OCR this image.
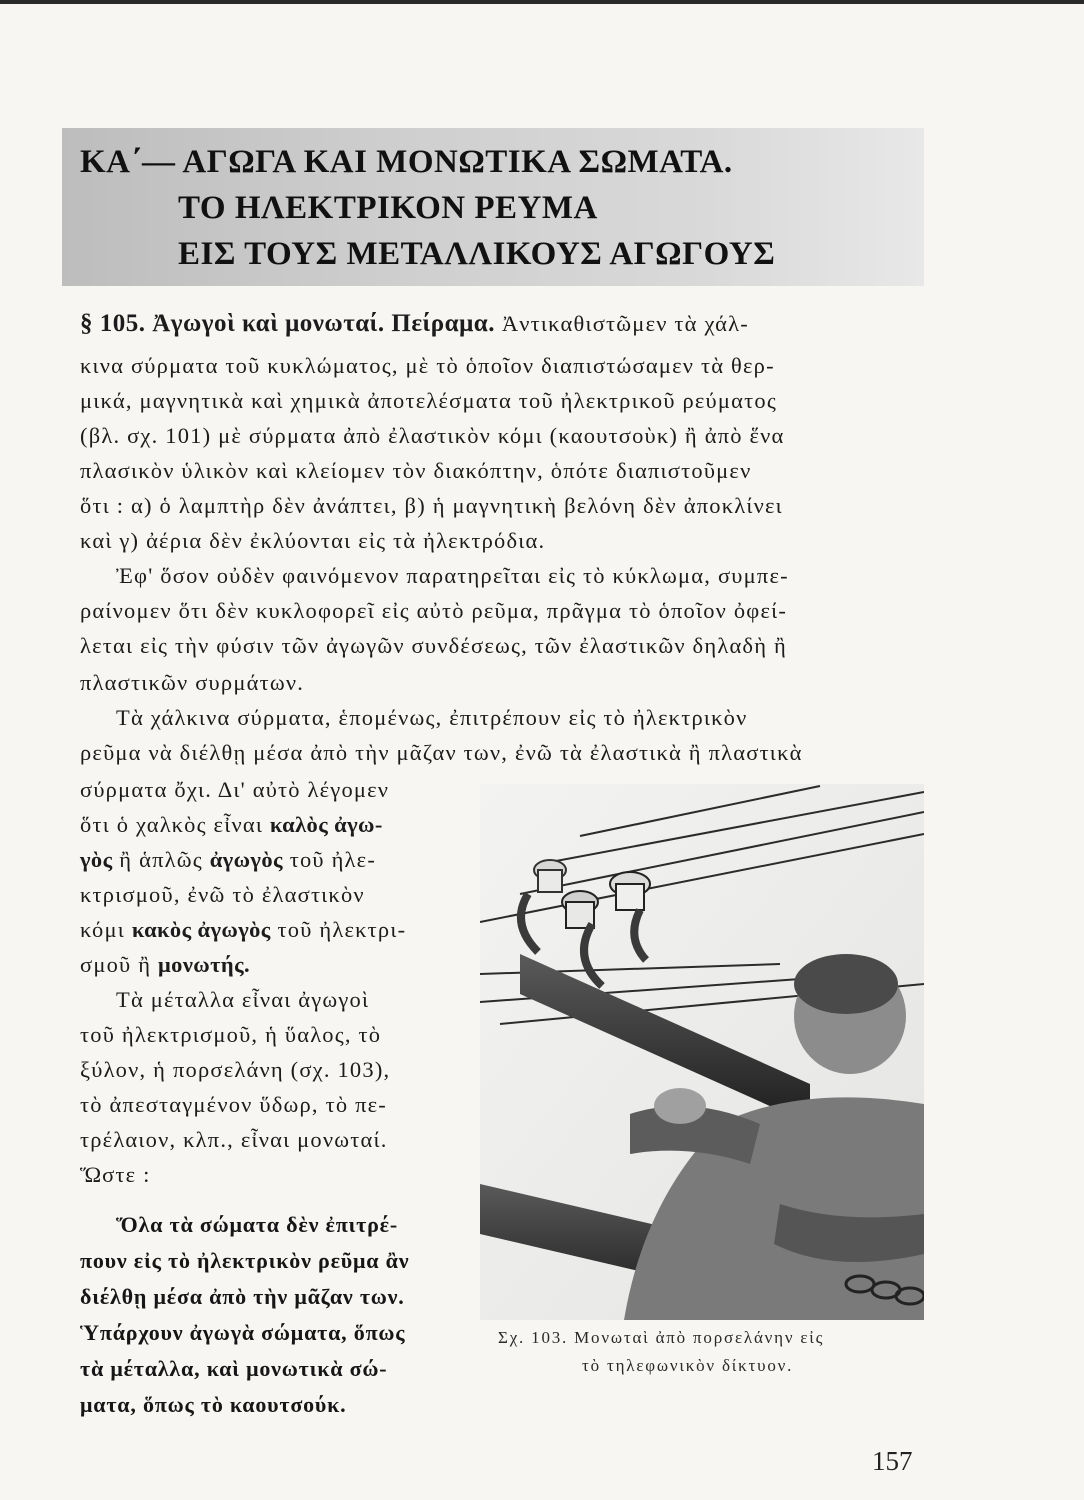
ΚΑ΄— ΑΓΩΓΑ ΚΑΙ ΜΟΝΩΤΙΚΑ ΣΩΜΑΤΑ.
ΤΟ ΗΛΕΚΤΡΙΚΟΝ ΡΕΥΜΑ
ΕΙΣ ΤΟΥΣ ΜΕΤΑΛΛΙΚΟΥΣ ΑΓΩΓΟΥΣ
§ 105. Ἀγωγοὶ καὶ μονωταί. Πείραμα. Ἀντικαθιστῶμεν τὰ χάλ-
κινα σύρματα τοῦ κυκλώματος, μὲ τὸ ὁποῖον διαπιστώσαμεν τὰ θερ-
μικά, μαγνητικὰ καὶ χημικὰ ἀποτελέσματα τοῦ ἠλεκτρικοῦ ρεύματος
(βλ. σχ. 101) μὲ σύρματα ἀπὸ ἐλαστικὸν κόμι (καουτσοὺκ) ἢ ἀπὸ ἕνα
πλασικὸν ὑλικὸν καὶ κλείομεν τὸν διακόπτην, ὁπότε διαπιστοῦμεν
ὅτι : α) ὁ λαμπτὴρ δὲν ἀνάπτει, β) ἡ μαγνητικὴ βελόνη δὲν ἀποκλίνει
καὶ γ) ἀέρια δὲν ἐκλύονται εἰς τὰ ἠλεκτρόδια.
Ἐφ' ὅσον οὐδὲν φαινόμενον παρατηρεῖται εἰς τὸ κύκλωμα, συμπε-
ραίνομεν ὅτι δὲν κυκλοφορεῖ εἰς αὐτὸ ρεῦμα, πρᾶγμα τὸ ὁποῖον ὀφεί-
λεται εἰς τὴν φύσιν τῶν ἀγωγῶν συνδέσεως, τῶν ἐλαστικῶν δηλαδὴ ἢ
πλαστικῶν συρμάτων.
Τὰ χάλκινα σύρματα, ἑπομένως, ἐπιτρέπουν εἰς τὸ ἠλεκτρικὸν
ρεῦμα νὰ διέλθῃ μέσα ἀπὸ τὴν μᾶζαν των, ἐνῶ τὰ ἐλαστικὰ ἢ πλαστικὰ
σύρματα ὄχι. Δι' αὐτὸ λέγομεν
ὅτι ὁ χαλκὸς εἶναι καλὸς ἀγω-
γὸς ἢ ἁπλῶς ἀγωγὸς τοῦ ἠλε-
κτρισμοῦ, ἐνῶ τὸ ἐλαστικὸν
κόμι κακὸς ἀγωγὸς τοῦ ἠλεκτρι-
σμοῦ ἢ μονωτής.
Τὰ μέταλλα εἶναι ἀγωγοὶ
τοῦ ἠλεκτρισμοῦ, ἡ ὕαλος, τὸ
ξύλον, ἡ πορσελάνη (σχ. 103),
τὸ ἀπεσταγμένον ὕδωρ, τὸ πε-
τρέλαιον, κλπ., εἶναι μονωταί.
Ὥστε :
Ὅλα τὰ σώματα δὲν ἐπιτρέ-
πουν εἰς τὸ ἠλεκτρικὸν ρεῦμα ἂν
διέλθῃ μέσα ἀπὸ τὴν μᾶζαν των.
Ὑπάρχουν ἀγωγὰ σώματα, ὅπως
τὰ μέταλλα, καὶ μονωτικὰ σώ-
ματα, ὅπως τὸ καουτσούκ.
Σχ. 103. Μονωταὶ ἀπὸ πορσελάνην εἰς
τὸ τηλεφωνικὸν δίκτυον.
157
